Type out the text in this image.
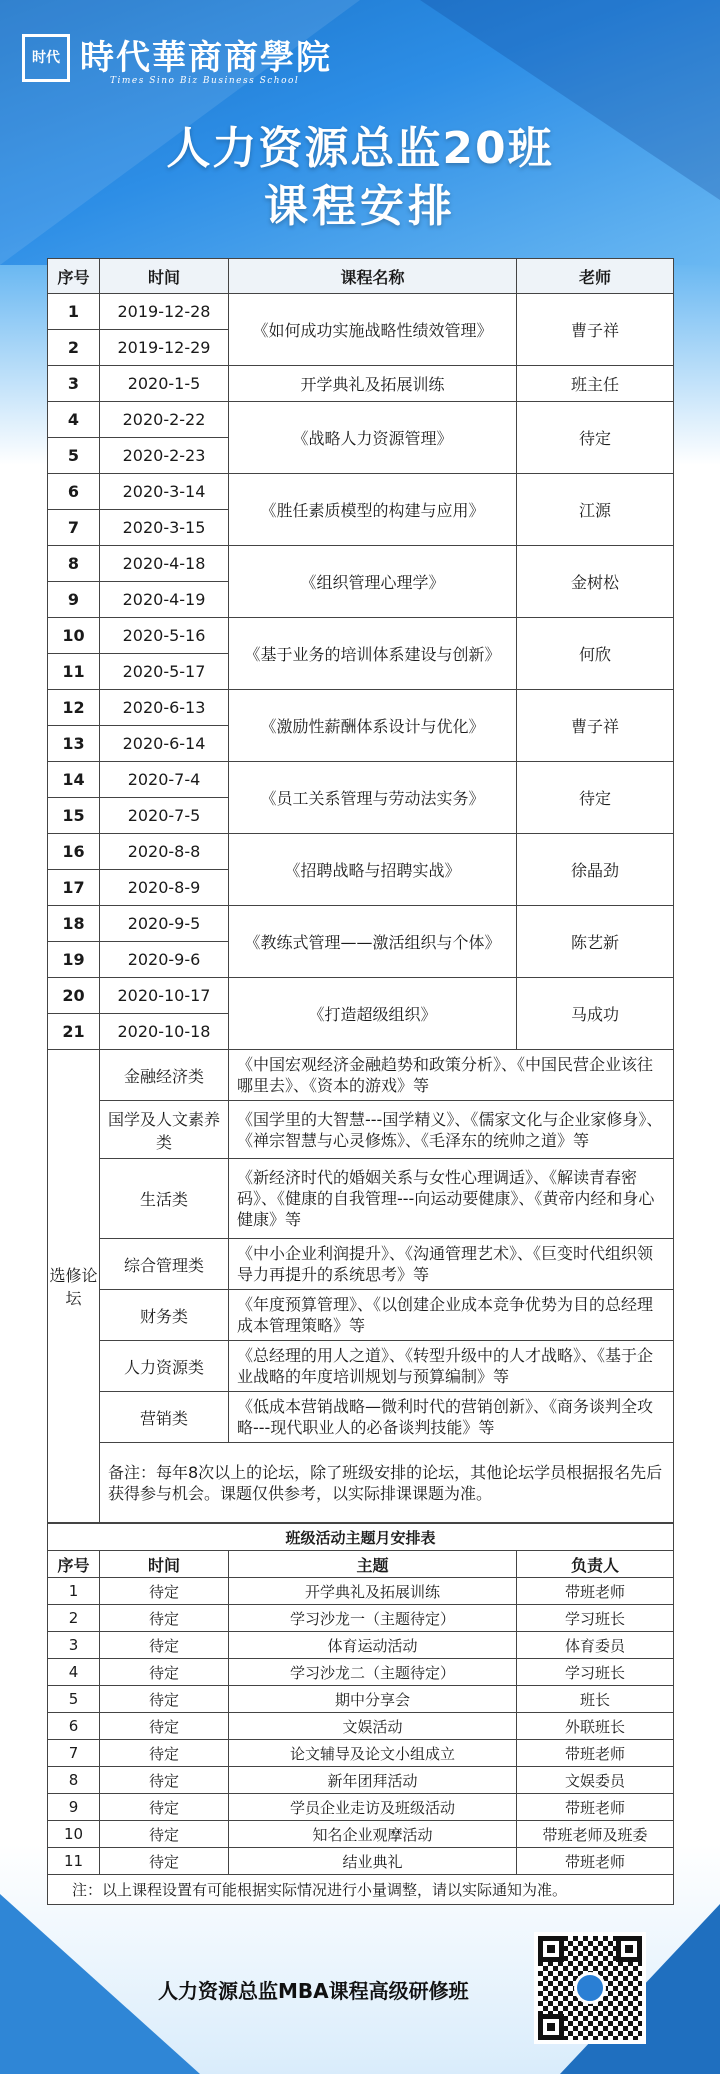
时代 時代華商商學院
Times Sino Biz Business School
人力资源总监20班
课程安排
序号	时间	课程名称	老师
1	2019-12-28	《如何成功实施战略性绩效管理》	曹子祥
2	2019-12-29		
3	2020-1-5	开学典礼及拓展训练	班主任
4	2020-2-22	《战略人力资源管理》	待定
5	2020-2-23		
6	2020-3-14	《胜任素质模型的构建与应用》	江源
7	2020-3-15		
8	2020-4-18	《组织管理心理学》	金树松
9	2020-4-19		
10	2020-5-16	《基于业务的培训体系建设与创新》	何欣
11	2020-5-17		
12	2020-6-13	《激励性薪酬体系设计与优化》	曹子祥
13	2020-6-14		
14	2020-7-4	《员工关系管理与劳动法实务》	待定
15	2020-7-5		
16	2020-8-8	《招聘战略与招聘实战》	徐晶劲
17	2020-8-9		
18	2020-9-5	《教练式管理——激活组织与个体》	陈艺新
19	2020-9-6		
20	2020-10-17	《打造超级组织》	马成功
21	2020-10-18		
选修论坛	金融经济类	《中国宏观经济金融趋势和政策分析》、《中国民营企业该往哪里去》、《资本的游戏》等	
	国学及人文素养类	《国学里的大智慧---国学精义》、《儒家文化与企业家修身》、《禅宗智慧与心灵修炼》、《毛泽东的统帅之道》等	
	生活类	《新经济时代的婚姻关系与女性心理调适》、《解读青春密码》、《健康的自我管理---向运动要健康》、《黄帝内经和身心健康》等	
	综合管理类	《中小企业利润提升》、《沟通管理艺术》、《巨变时代组织领导力再提升的系统思考》等	
	财务类	《年度预算管理》、《以创建企业成本竞争优势为目的总经理成本管理策略》等	
	人力资源类	《总经理的用人之道》、《转型升级中的人才战略》、《基于企业战略的年度培训规划与预算编制》等	
	营销类	《低成本营销战略—微利时代的营销创新》、《商务谈判全攻略---现代职业人的必备谈判技能》等	
	备注：每年8次以上的论坛，除了班级安排的论坛，其他论坛学员根据报名先后获得参与机会。课题仅供参考，以实际排课课题为准。		
班级活动主题月安排表			
序号	时间	主题	负责人
1	待定	开学典礼及拓展训练	带班老师
2	待定	学习沙龙一（主题待定）	学习班长
3	待定	体育运动活动	体育委员
4	待定	学习沙龙二（主题待定）	学习班长
5	待定	期中分享会	班长
6	待定	文娱活动	外联班长
7	待定	论文辅导及论文小组成立	带班老师
8	待定	新年团拜活动	文娱委员
9	待定	学员企业走访及班级活动	带班老师
10	待定	知名企业观摩活动	带班老师及班委
11	待定	结业典礼	带班老师
注：以上课程设置有可能根据实际情况进行小量调整，请以实际通知为准。			
人力资源总监MBA课程高级研修班
